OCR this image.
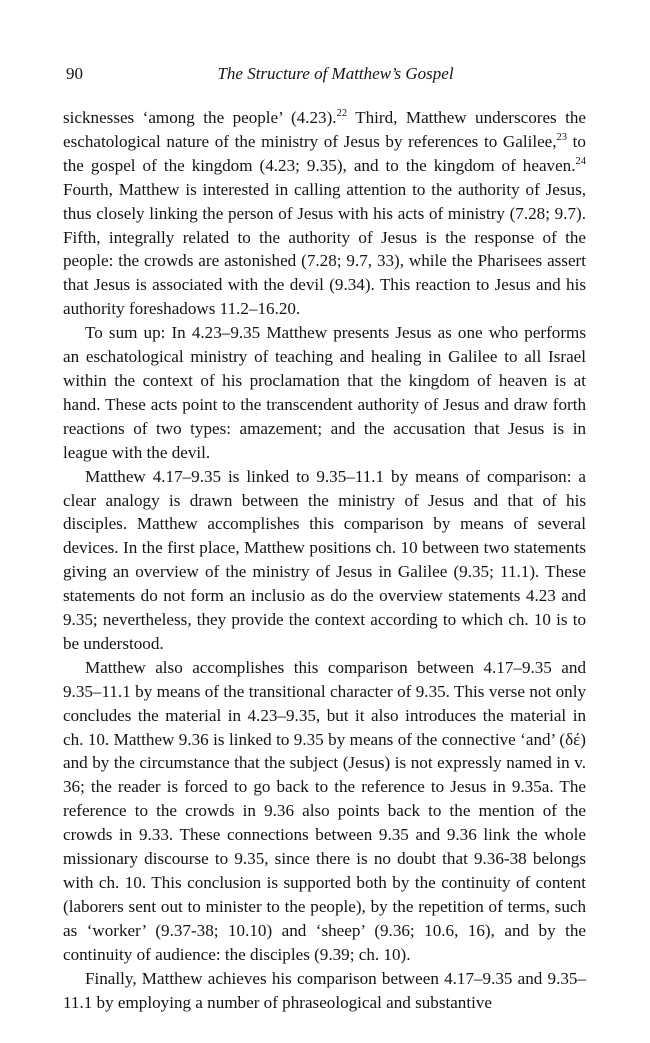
90	The Structure of Matthew’s Gospel

sicknesses ‘among the people’ (4.23).$^{22}$ Third, Matthew underscores the eschatological nature of the ministry of Jesus by references to Galilee,$^{23}$ to the gospel of the kingdom (4.23; 9.35), and to the kingdom of heaven.$^{24}$ Fourth, Matthew is interested in calling attention to the authority of Jesus, thus closely linking the person of Jesus with his acts of ministry (7.28; 9.7). Fifth, integrally related to the authority of Jesus is the response of the people: the crowds are astonished (7.28; 9.7, 33), while the Pharisees assert that Jesus is associated with the devil (9.34). This reaction to Jesus and his authority foreshadows 11.2–16.20.

To sum up: In 4.23–9.35 Matthew presents Jesus as one who performs an eschatological ministry of teaching and healing in Galilee to all Israel within the context of his proclamation that the kingdom of heaven is at hand. These acts point to the transcendent authority of Jesus and draw forth reactions of two types: amazement; and the accusation that Jesus is in league with the devil.

Matthew 4.17–9.35 is linked to 9.35–11.1 by means of comparison: a clear analogy is drawn between the ministry of Jesus and that of his disciples. Matthew accomplishes this comparison by means of several devices. In the first place, Matthew positions ch. 10 between two statements giving an overview of the ministry of Jesus in Galilee (9.35; 11.1). These statements do not form an inclusio as do the overview statements 4.23 and 9.35; nevertheless, they provide the context according to which ch. 10 is to be understood.

Matthew also accomplishes this comparison between 4.17–9.35 and 9.35–11.1 by means of the transitional character of 9.35. This verse not only concludes the material in 4.23–9.35, but it also introduces the material in ch. 10. Matthew 9.36 is linked to 9.35 by means of the connective ‘and’ (δέ) and by the circumstance that the subject (Jesus) is not expressly named in v. 36; the reader is forced to go back to the reference to Jesus in 9.35a. The reference to the crowds in 9.36 also points back to the mention of the crowds in 9.33. These connections between 9.35 and 9.36 link the whole missionary discourse to 9.35, since there is no doubt that 9.36-38 belongs with ch. 10. This conclusion is supported both by the continuity of content (laborers sent out to minister to the people), by the repetition of terms, such as ‘worker’ (9.37-38; 10.10) and ‘sheep’ (9.36; 10.6, 16), and by the continuity of audience: the disciples (9.39; ch. 10).

Finally, Matthew achieves his comparison between 4.17–9.35 and 9.35–11.1 by employing a number of phraseological and substantive
